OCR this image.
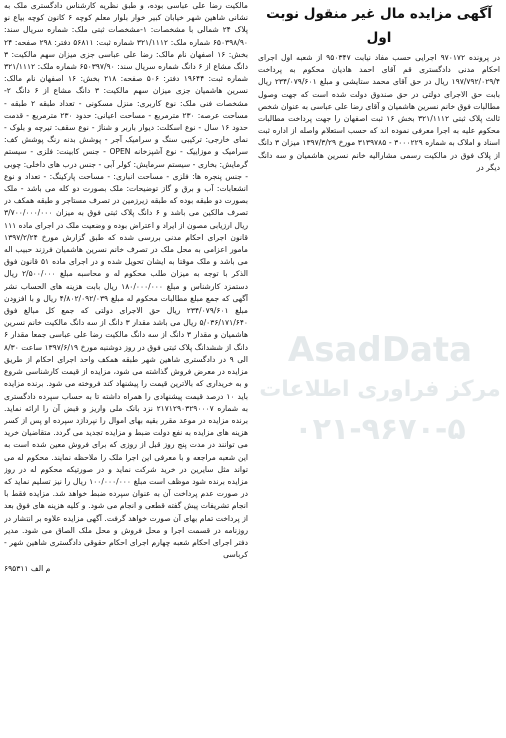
آگهی مزایده مال غیر منقول نوبت اول

در پرونده ۹۷۰۱۷۲ اجرایی حسب مفاد نیابت ۹۵۰۳۴۷ از شعبه اول اجرای احکام مدنی دادگستری قم آقای احمد هادیان محکوم به پرداخت ۱۹۷/۷۹۲/۰۲۹/۴ ریال در حق آقای محمد ستایشی و مبلغ ۲۳۴/۰۷۹/۶۰۱ ریال بابت حق الاجرای دولتی در حق صندوق دولت شده است که جهت وصول مطالبات فوق خانم نسرین هاشمیان و آقای رضا علی عباسی به عنوان شخص ثالث پلاک ثبتی ۳۲۱/۱۱۱۲ بخش ۱۶ ثبت اصفهان را جهت پرداخت مطالبات محکوم علیه به اجرا معرفی نموده اند که حسب استعلام واصله از اداره ثبت اسناد و املاک به شماره ۳۰۰۰۲۲۹ - ۳۱۳۹۷۸۵ مورخ ۱۳۹۷/۳/۲۹ میزان ۳ دانگ از پلاک فوق در مالکیت رسمی مشارالیه خانم نسرین هاشمیان و سه دانگ دیگر در

مالکیت رضا علی عباسی بوده، و طبق نظریه کارشناس دادگستری ملک به نشانی شاهین شهر خیابان کبیر خوار بلوار معلم کوچه ۶ کانون کوچه بیاع نو پلاک ۲۴ شمالی با مشخصات: ۱-مشخصات ثبتی ملک: شماره سریال سند: ۶۵۰۳۹۸/۹۰ شماره ملک: ۳۲۱/۱۱۱۲ شماره ثبت: ۵۶۸۱۱ دفتر: ۲۹۸ صفحه: ۲۴ بخش: ۱۶ اصفهان نام مالک: رضا علی عباسی جزی میزان سهم مالکیت: ۳ دانگ مشاع از ۶ دانگ شماره سریال سند: ۶۵۰۳۹۷/۹۰ شماره ملک: ۳۲۱/۱۱۱۲ شماره ثبت: ۱۹۶۴۴ دفتر: ۵۰۶ صفحه: ۲۱۸ بخش: ۱۶ اصفهان نام مالک: نسرین هاشمیان جزی میزان سهم مالکیت: ۳ دانگ مشاع از ۶ دانگ ۲-مشخصات فنی ملک: نوع کاربری: منزل مسکونی - تعداد طبقه ۲ طبقه - مساحت عرصه: ۲۳۰ مترمربع - مساحت اعیانی: حدود ۲۳۰ مترمربع - قدمت حدود ۱۶ سال - نوع اسکلت: دیوار باربر و شناژ - نوع سقف: تیرچه و بلوک - نمای خارجی: ترکیبی سنگ و سرامیک آجر - پوشش بدنه رنگ پوشش کف: سرامیک و موزاییک - نوع آشپزخانه OPEN - جنس کابینت: فلزی - سیستم گرمایش: بخاری - سیستم سرمایش: کولر آبی - جنس درب های داخلی: چوبی - جنس پنجره ها: فلزی - مساحت انباری: - مساحت پارکینگ: - تعداد و نوع انشعابات: آب و برق و گاز توضیحات: ملک بصورت دو کله می باشد - ملک بصورت دو طبقه بوده که طبقه زیرزمین در تصرف مستاجر و طبقه همکف در تصرف مالکین می باشد و ۶ دانگ پلاک ثبتی فوق به میزان ۳/۷۰۰/۰۰۰/۰۰۰ ریال ارزیابی مصون از ایراد و اعتراض بوده و وضعیت ملک در اجرای ماده ۱۱۱ قانون اجرای احکام مدنی بررسی شده که طبق گزارش مورخ ۱۳۹۷/۲/۲۴ مامور اعزامی به محل ملک در تصرف خانم نسرین هاشمیان فرزند حبیب اله می باشد و ملک موقتا به ایشان تحویل شده و در اجرای ماده ۵۱ قانون فوق الذکر با توجه به میزان طلب محکوم له و محاسبه مبلغ ۲/۵۰۰/۰۰۰ ریال دستمزد کارشناس و مبلغ ۱۸۰/۰۰۰/۰۰۰ ریال بابت هزینه های الحساب نشر آگهی که جمع مبلغ مطالبات محکوم له مبلغ ۴/۸۰۲/۰۹۲/۰۳۹ ریال و با افزودن مبلغ ۲۳۴/۰۷۹/۶۰۱ ریال حق الاجرای دولتی که جمع کل مبالغ فوق ۵/۰۳۶/۱۷۱/۶۴۰ ریال می باشد مقدار ۳ دانگ از سه دانگ مالکیت خانم نسرین هاشمیان و مقدار ۳ دانگ از سه دانگ مالکیت رضا علی عباسی جمعا مقدار ۶ دانگ از ششدانگ پلاک ثبتی فوق در روز دوشنبه مورخ ۱۳۹۷/۶/۱۹ ساعت ۸/۳۰ الی ۹ در دادگستری شاهین شهر طبقه همکف واحد اجرای احکام از طریق مزایده در معرض فروش گذاشته می شود، مزایده از قیمت کارشناسی شروع و به خریداری که بالاترین قیمت را پیشنهاد کند فروخته می شود. برنده مزایده باید ۱۰ درصد قیمت پیشنهادی را همراه داشته تا به حساب سپرده دادگستری به شماره ۲۱۷۱۲۹۰۳۲۹۰۰۰۷ نزد بانک ملی واریز و قبض آن را ارائه نماید. برنده مزایده در موعد مقرر بقیه بهای اموال را نپردازد سپرده او پس از کسر هزینه های مزایده به نفع دولت ضبط و مزایده تجدید می گردد. متقاضیان خرید می توانند در مدت پنج روز قبل از روزی که برای فروش معین شده است به این شعبه مراجعه و با معرفی این اجرا ملک را ملاحظه نمایند. محکوم له می تواند مثل سایرین در خرید شرکت نماید و در صورتیکه محکوم له در روز مزایده برنده شود موظف است مبلغ ۱۰۰/۰۰۰/۰۰۰ ریال را نیز تسلیم نماید که در صورت عدم پرداخت آن به عنوان سپرده ضبط خواهد شد. مزایده فقط با انجام تشریفات پیش گفته قطعی و انجام می شود. و کلیه هزینه های فوق بعد از پرداخت تمام بهای آن صورت خواهد گرفت. آگهی مزایده علاوه بر انتشار در روزنامه در قسمت اجرا و محل فروش و محل ملک الصاق می شود. مدیر دفتر اجرای احکام شعبه چهارم اجرای احکام حقوقی دادگستری شاهین شهر - کرباسی

م الف ۶۹۵۳۱۱
AsadData
مرکز فراوری اطلاعات
۰۲۱-۹۶۷۰-۵
